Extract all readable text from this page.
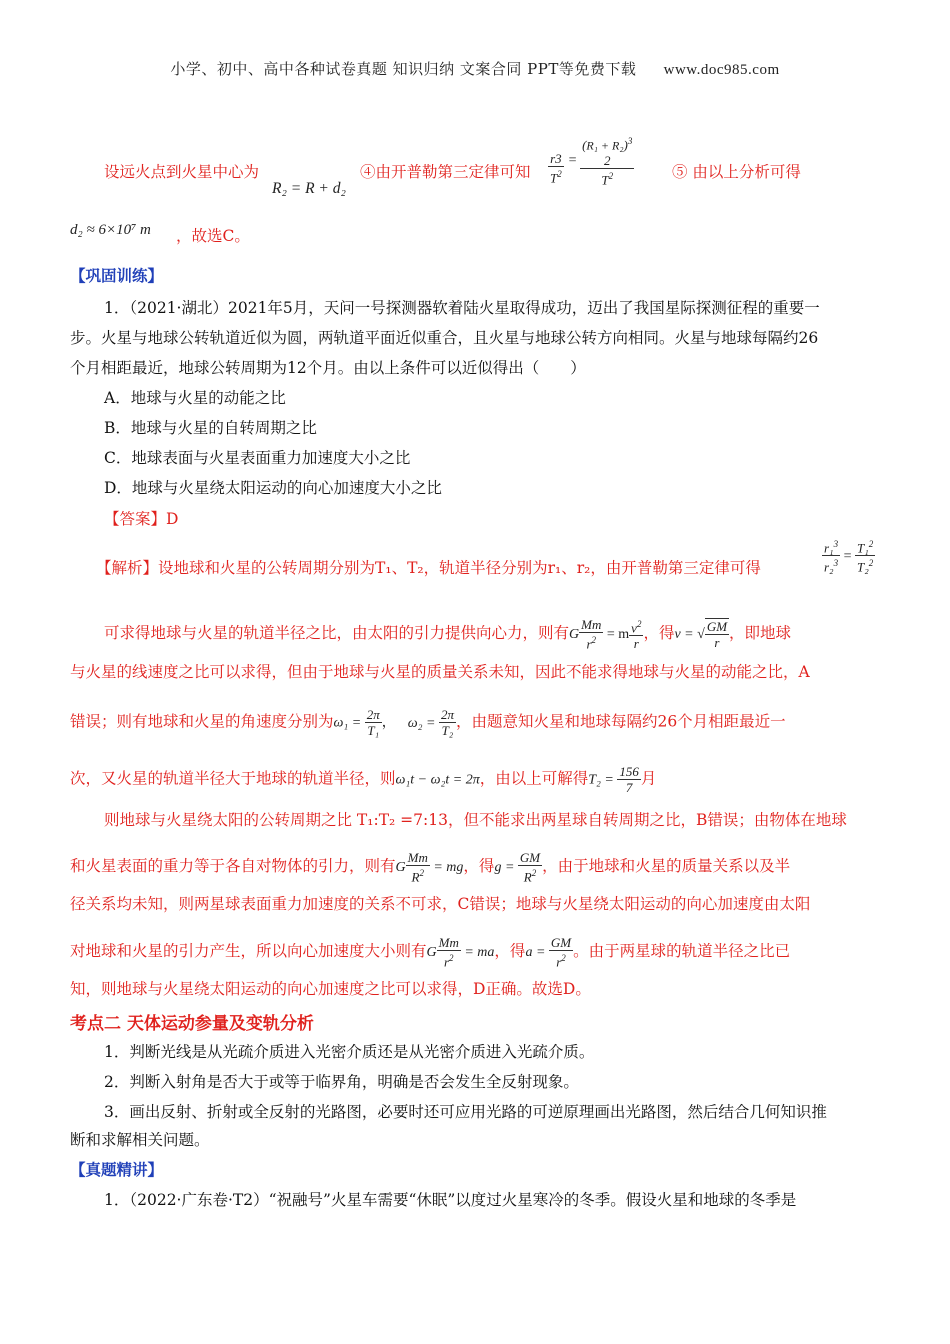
小学、初中、高中各种试卷真题 知识归纳 文案合同 PPT等免费下载 www.doc985.com
设远火点到火星中心为
R₂ = R + d₂
④由开普勒第三定律可知 $\frac{r3}{T^2}$ =
$(R_1 + R_2)^3$
2
$T^2$	⑤ 由以上分析可得
d₂ ≈ 6×10⁷ m ，故选C。
【巩固训练】
1．（2021·湖北）2021年5月，天问一号探测器软着陆火星取得成功，迈出了我国星际探测征程的重要一
步。火星与地球公转轨道近似为圆，两轨道平面近似重合，且火星与地球公转方向相同。火星与地球每隔约26
个月相距最近，地球公转周期为12个月。由以上条件可以近似得出（　　）
A．地球与火星的动能之比
B．地球与火星的自转周期之比
C．地球表面与火星表面重力加速度大小之比
D．地球与火星绕太阳运动的向心加速度大小之比
【答案】D
【解析】设地球和火星的公转周期分别为T₁、T₂，轨道半径分别为r₁、r₂，由开普勒第三定律可得	$\frac{r_1^3}{r_2^3} = \frac{T_1^2}{T_2^2}$
可求得地球与火星的轨道半径之比，由太阳的引力提供向心力，则有G $\frac{Mm}{r^2} = m \frac{v^2}{r}$ ，得v = √ $\frac{GM}{r}$ ，即地球
与火星的线速度之比可以求得，但由于地球与火星的质量关系未知，因此不能求得地球与火星的动能之比，A
错误；则有地球和火星的角速度分别为$\omega_1 = \frac{2\pi}{\text{T₁}}$ ， $\omega_2 = \frac{2\pi}{\text{T₂}}$ ，由题意知火星和地球每隔约26个月相距最近一
次，又火星的轨道半径大于地球的轨道半径，则ω₁t − ω₂t = 2π，由以上可解得$T_2 = \frac{156}{7}$ 月
则地球与火星绕太阳的公转周期之比 T₁:T₂ =7:13，但不能求出两星球自转周期之比，B错误；由物体在地球
和火星表面的重力等于各自对物体的引力，则有G $\frac{Mm}{R^2}$ = mg，得$g = \frac{GM}{R^2}$ ，由于地球和火星的质量关系以及半
径关系均未知，则两星球表面重力加速度的关系不可求，C错误；地球与火星绕太阳运动的向心加速度由太阳
对地球和火星的引力产生，所以向心加速度大小则有G $\frac{Mm}{r^2}$ = ma，得$a = \frac{GM}{r^2}$ 。由于两星球的轨道半径之比已
知，则地球与火星绕太阳运动的向心加速度之比可以求得，D正确。故选D。
考点二 天体运动参量及变轨分析
1．判断光线是从光疏介质进入光密介质还是从光密介质进入光疏介质。
2．判断入射角是否大于或等于临界角，明确是否会发生全反射现象。
3．画出反射、折射或全反射的光路图，必要时还可应用光路的可逆原理画出光路图，然后结合几何知识推
断和求解相关问题。
【真题精讲】
1．（2022·广东卷·T2）“祝融号”火星车需要“休眠”以度过火星寒冷的冬季。假设火星和地球的冬季是
